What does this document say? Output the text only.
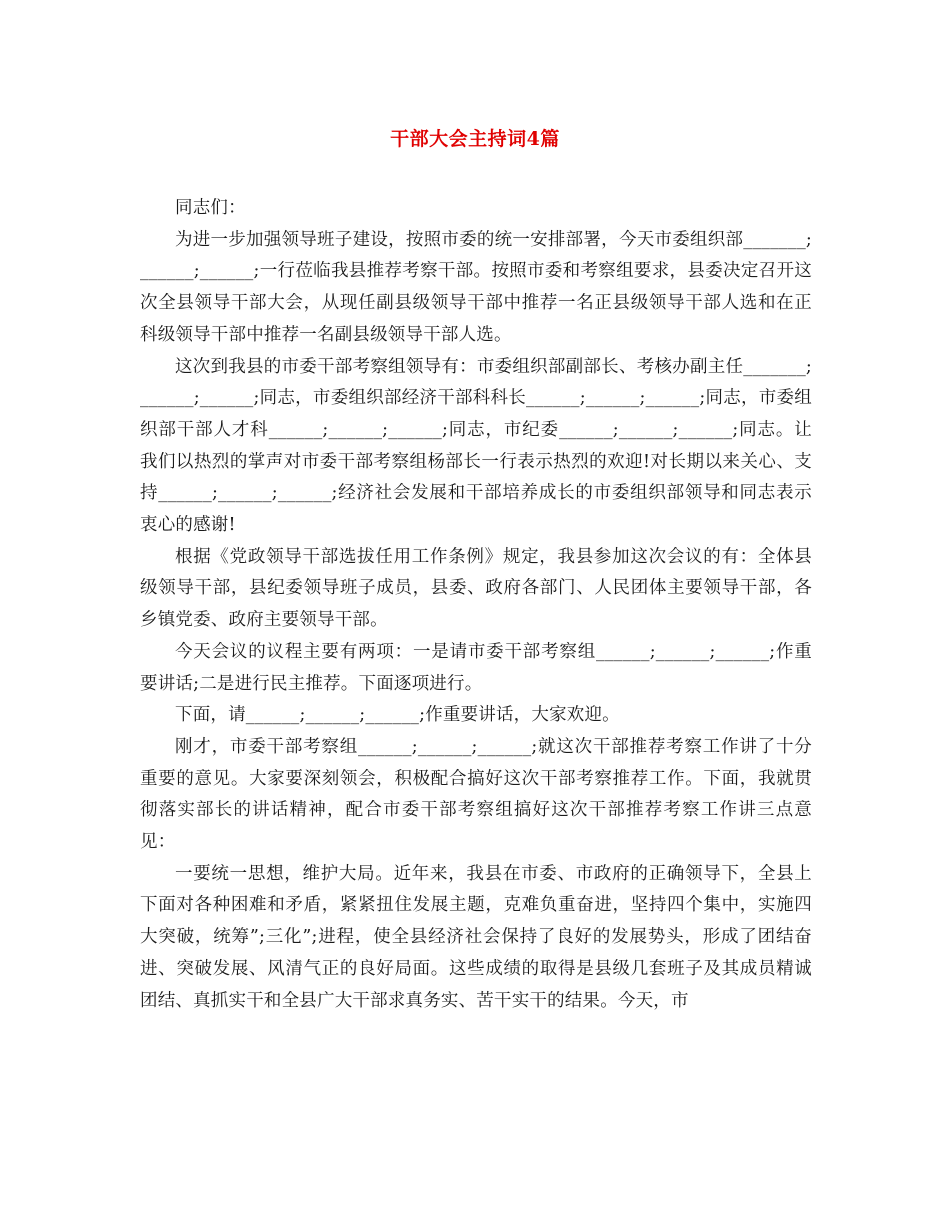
干部大会主持词4篇

同志们：

为进一步加强领导班子建设，按照市委的统一安排部署，今天市委组织部_______;______;______;一行莅临我县推荐考察干部。按照市委和考察组要求，县委决定召开这次全县领导干部大会，从现任副县级领导干部中推荐一名正县级领导干部人选和在正科级领导干部中推荐一名副县级领导干部人选。

这次到我县的市委干部考察组领导有：市委组织部副部长、考核办副主任_______;______;______;同志，市委组织部经济干部科科长______;______;______;同志，市委组织部干部人才科______;______;______;同志，市纪委______;______;______;同志。让我们以热烈的掌声对市委干部考察组杨部长一行表示热烈的欢迎!对长期以来关心、支持______;______;______;经济社会发展和干部培养成长的市委组织部领导和同志表示衷心的感谢!

根据《党政领导干部选拔任用工作条例》规定，我县参加这次会议的有：全体县级领导干部，县纪委领导班子成员，县委、政府各部门、人民团体主要领导干部，各乡镇党委、政府主要领导干部。

今天会议的议程主要有两项：一是请市委干部考察组______;______;______;作重要讲话;二是进行民主推荐。下面逐项进行。

下面，请______;______;______;作重要讲话，大家欢迎。

刚才，市委干部考察组______;______;______;就这次干部推荐考察工作讲了十分重要的意见。大家要深刻领会，积极配合搞好这次干部考察推荐工作。下面，我就贯彻落实部长的讲话精神，配合市委干部考察组搞好这次干部推荐考察工作讲三点意见：

一要统一思想，维护大局。近年来，我县在市委、市政府的正确领导下，全县上下面对各种困难和矛盾，紧紧扭住发展主题，克难负重奋进，坚持四个集中，实施四大突破，统筹”;三化”;进程，使全县经济社会保持了良好的发展势头，形成了团结奋进、突破发展、风清气正的良好局面。这些成绩的取得是县级几套班子及其成员精诚团结、真抓实干和全县广大干部求真务实、苦干实干的结果。今天，市
